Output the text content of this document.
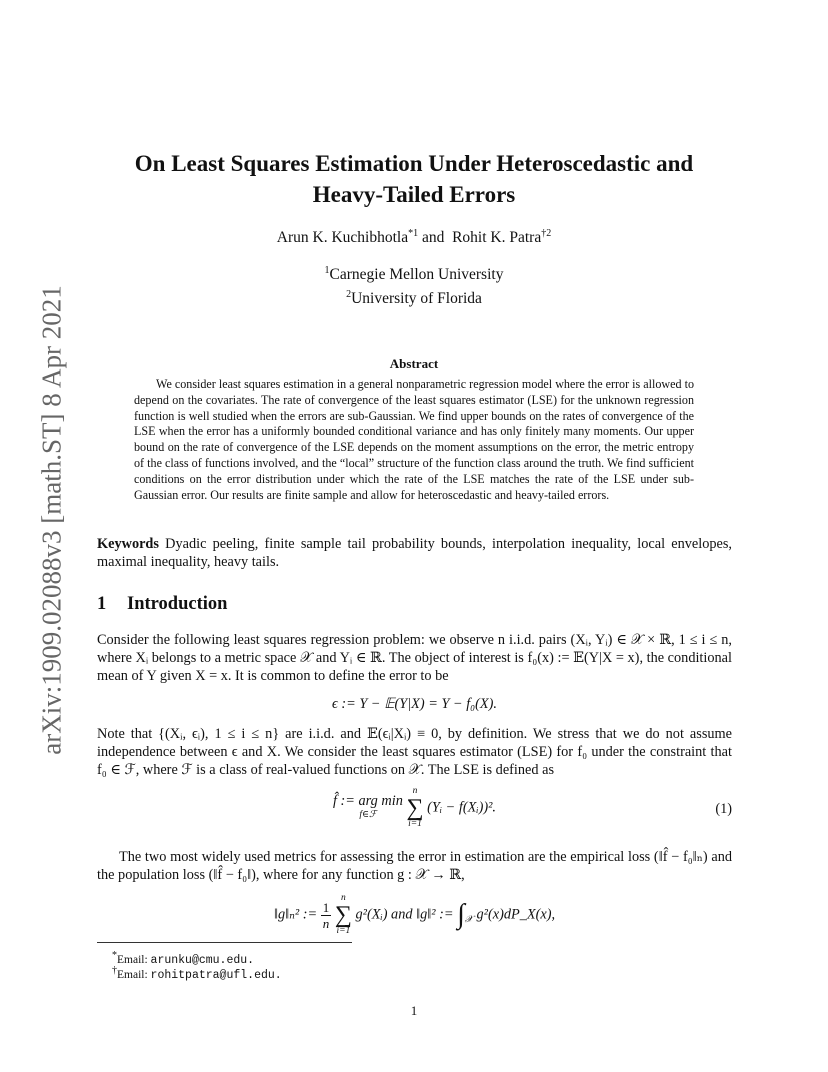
arXiv:1909.02088v3 [math.ST] 8 Apr 2021
On Least Squares Estimation Under Heteroscedastic and
Heavy-Tailed Errors
Arun K. Kuchibhotla$^{*1}$ and Rohit K. Patra$^{\dagger 2}$
$^1$Carnegie Mellon University
$^2$University of Florida
Abstract

We consider least squares estimation in a general nonparametric regression model where the error is allowed to depend on the covariates. The rate of convergence of the least squares estimator (LSE) for the unknown regression function is well studied when the errors are sub-Gaussian. We find upper bounds on the rates of convergence of the LSE when the error has a uniformly bounded conditional variance and has only finitely many moments. Our upper bound on the rate of convergence of the LSE depends on the moment assumptions on the error, the metric entropy of the class of functions involved, and the “local” structure of the function class around the truth. We find sufficient conditions on the error distribution under which the rate of the LSE matches the rate of the LSE under sub-Gaussian error. Our results are finite sample and allow for heteroscedastic and heavy-tailed errors.

Keywords Dyadic peeling, finite sample tail probability bounds, interpolation inequality, local envelopes, maximal inequality, heavy tails.

1 Introduction

Consider the following least squares regression problem: we observe n i.i.d. pairs (Xᵢ, Yᵢ) ∈ 𝒳 × ℝ, 1 ≤ i ≤ n, where Xᵢ belongs to a metric space 𝒳 and Yᵢ ∈ ℝ. The object of interest is f₀(x) := 𝔼(Y|X = x), the conditional mean of Y given X = x. It is common to define the error to be

ϵ := Y − 𝔼(Y|X) = Y − f₀(X).

Note that {(Xᵢ, ϵᵢ), 1 ≤ i ≤ n} are i.i.d. and 𝔼(ϵᵢ|Xᵢ) ≡ 0, by definition. We stress that we do not assume independence between ϵ and X. We consider the least squares estimator (LSE) for f₀ under the constraint that f₀ ∈ ℱ, where ℱ is a class of real-valued functions on 𝒳. The LSE is defined as

f̂ := arg min
f∈ℱ

n
∑
i=1
(Yᵢ − f(Xᵢ))².	(1)

The two most widely used metrics for assessing the error in estimation are the empirical loss (‖f̂ − f₀‖ₙ) and the population loss (‖f̂ − f₀‖), where for any function g : 𝒳 → ℝ,

‖g‖ₙ² := $\frac{1}{n}$

n
∑
i=1
g²(Xᵢ) and ‖g‖² := $\int_𝒳$ g²(x)dP_X(x),
*Email: arunku@cmu.edu.
†Email: rohitpatra@ufl.edu.
1
